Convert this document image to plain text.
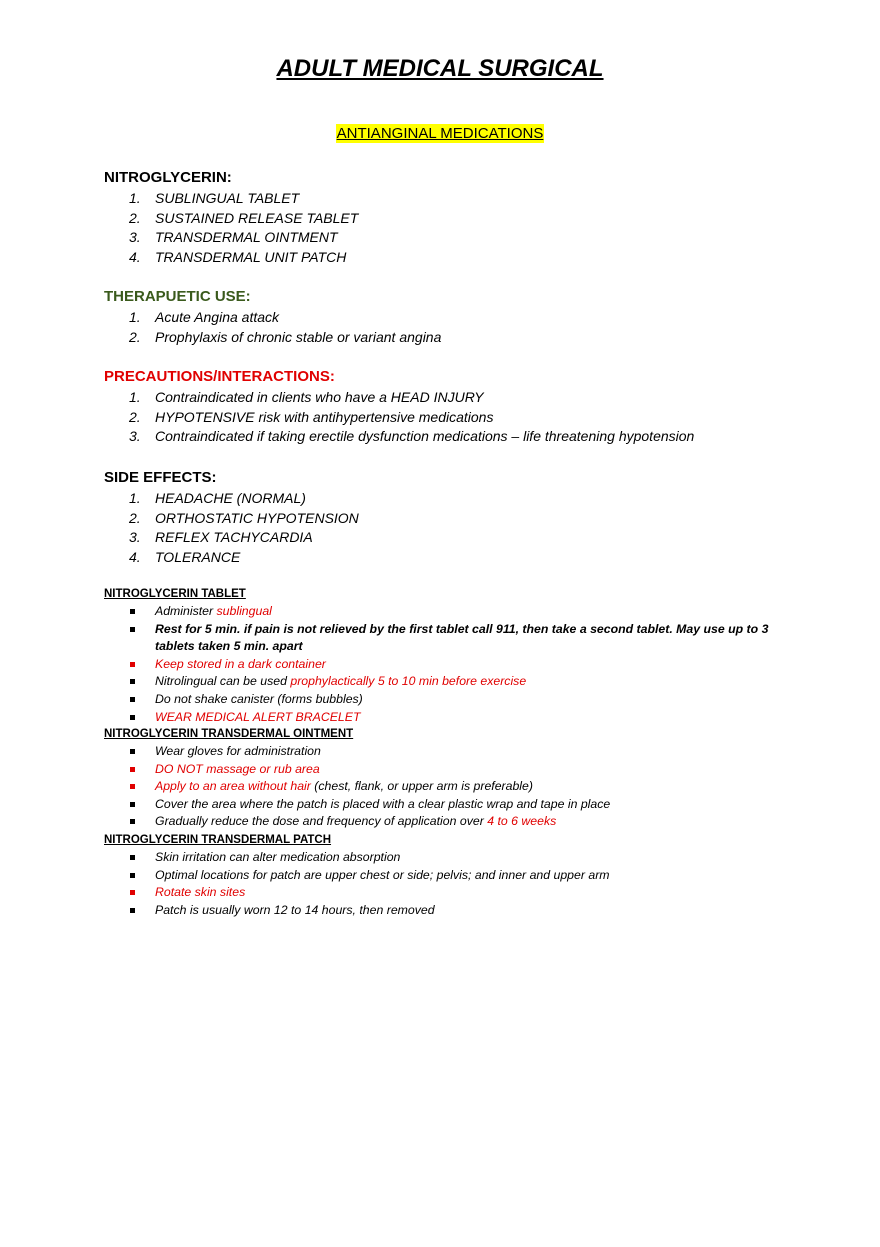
ADULT MEDICAL SURGICAL
ANTIANGINAL MEDICATIONS
NITROGLYCERIN:
1. SUBLINGUAL TABLET
2. SUSTAINED RELEASE TABLET
3. TRANSDERMAL OINTMENT
4. TRANSDERMAL UNIT PATCH
THERAPUETIC USE:
1. Acute Angina attack
2. Prophylaxis of chronic stable or variant angina
PRECAUTIONS/INTERACTIONS:
1. Contraindicated in clients who have a HEAD INJURY
2. HYPOTENSIVE risk with antihypertensive medications
3. Contraindicated if taking erectile dysfunction medications – life threatening hypotension
SIDE EFFECTS:
1. HEADACHE (NORMAL)
2. ORTHOSTATIC HYPOTENSION
3. REFLEX TACHYCARDIA
4. TOLERANCE
NITROGLYCERIN TABLET
Administer sublingual
Rest for 5 min. if pain is not relieved by the first tablet call 911, then take a second tablet. May use up to 3 tablets taken 5 min. apart
Keep stored in a dark container
Nitrolingual can be used prophylactically 5 to 10 min before exercise
Do not shake canister (forms bubbles)
WEAR MEDICAL ALERT BRACELET
NITROGLYCERIN TRANSDERMAL OINTMENT
Wear gloves for administration
DO NOT massage or rub area
Apply to an area without hair (chest, flank, or upper arm is preferable)
Cover the area where the patch is placed with a clear plastic wrap and tape in place
Gradually reduce the dose and frequency of application over 4 to 6 weeks
NITROGLYCERIN TRANSDERMAL PATCH
Skin irritation can alter medication absorption
Optimal locations for patch are upper chest or side; pelvis; and inner and upper arm
Rotate skin sites
Patch is usually worn 12 to 14 hours, then removed
